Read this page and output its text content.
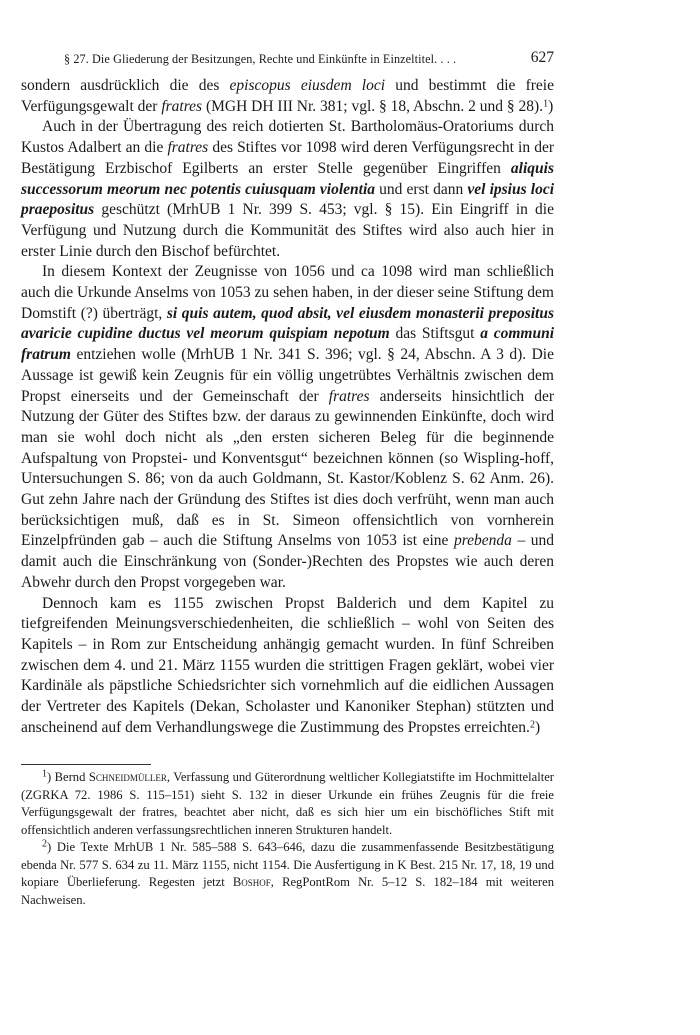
§ 27. Die Gliederung der Besitzungen, Rechte und Einkünfte in Einzeltitel. . . .	627

sondern ausdrücklich die des episcopus eiusdem loci und bestimmt die freie Verfügungsgewalt der fratres (MGH DH III Nr. 381; vgl. § 18, Abschn. 2 und § 28).$^1$)

Auch in der Übertragung des reich dotierten St. Bartholomäus-Oratoriums durch Kustos Adalbert an die fratres des Stiftes vor 1098 wird deren Verfügungsrecht in der Bestätigung Erzbischof Egilberts an erster Stelle gegenüber Eingriffen aliquis successorum meorum nec potentis cuiusquam violentia und erst dann vel ipsius loci praepositus geschützt (MrhUB 1 Nr. 399 S. 453; vgl. § 15). Ein Eingriff in die Verfügung und Nutzung durch die Kommunität des Stiftes wird also auch hier in erster Linie durch den Bischof befürchtet.

In diesem Kontext der Zeugnisse von 1056 und ca 1098 wird man schließlich auch die Urkunde Anselms von 1053 zu sehen haben, in der dieser seine Stiftung dem Domstift (?) überträgt, si quis autem, quod absit, vel eiusdem monasterii prepositus avaricie cupidine ductus vel meorum quispiam nepotum das Stiftsgut a communi fratrum entziehen wolle (MrhUB 1 Nr. 341 S. 396; vgl. § 24, Abschn. A 3 d). Die Aussage ist gewiß kein Zeugnis für ein völlig ungetrübtes Verhältnis zwischen dem Propst einerseits und der Gemeinschaft der fratres anderseits hinsichtlich der Nutzung der Güter des Stiftes bzw. der daraus zu gewinnenden Einkünfte, doch wird man sie wohl doch nicht als „den ersten sicheren Beleg für die beginnende Aufspaltung von Propstei- und Konventsgut“ bezeichnen können (so Wispling-hoff, Untersuchungen S. 86; von da auch Goldmann, St. Kastor/Koblenz S. 62 Anm. 26). Gut zehn Jahre nach der Gründung des Stiftes ist dies doch verfrüht, wenn man auch berücksichtigen muß, daß es in St. Simeon offensichtlich von vornherein Einzelpfründen gab – auch die Stiftung Anselms von 1053 ist eine prebenda – und damit auch die Einschränkung von (Sonder-)Rechten des Propstes wie auch deren Abwehr durch den Propst vorgegeben war.

Dennoch kam es 1155 zwischen Propst Balderich und dem Kapitel zu tiefgreifenden Meinungsverschiedenheiten, die schließlich – wohl von Seiten des Kapitels – in Rom zur Entscheidung anhängig gemacht wurden. In fünf Schreiben zwischen dem 4. und 21. März 1155 wurden die strittigen Fragen geklärt, wobei vier Kardinäle als päpstliche Schiedsrichter sich vornehmlich auf die eidlichen Aussagen der Vertreter des Kapitels (Dekan, Scholaster und Kanoniker Stephan) stützten und anscheinend auf dem Verhandlungswege die Zustimmung des Propstes erreichten.$^2$)

$^1$) Bernd Schneidmüller, Verfassung und Güterordnung weltlicher Kollegiatstifte im Hochmittelalter (ZGRKA 72. 1986 S. 115–151) sieht S. 132 in dieser Urkunde ein frühes Zeugnis für die freie Verfügungsgewalt der fratres, beachtet aber nicht, daß es sich hier um ein bischöfliches Stift mit offensichtlich anderen verfassungsrechtlichen inneren Strukturen handelt.

$^2$) Die Texte MrhUB 1 Nr. 585–588 S. 643–646, dazu die zusammenfassende Besitzbestätigung ebenda Nr. 577 S. 634 zu 11. März 1155, nicht 1154. Die Ausfertigung in K Best. 215 Nr. 17, 18, 19 und kopiare Überlieferung. Regesten jetzt Boshof, RegPontRom Nr. 5–12 S. 182–184 mit weiteren Nachweisen.
